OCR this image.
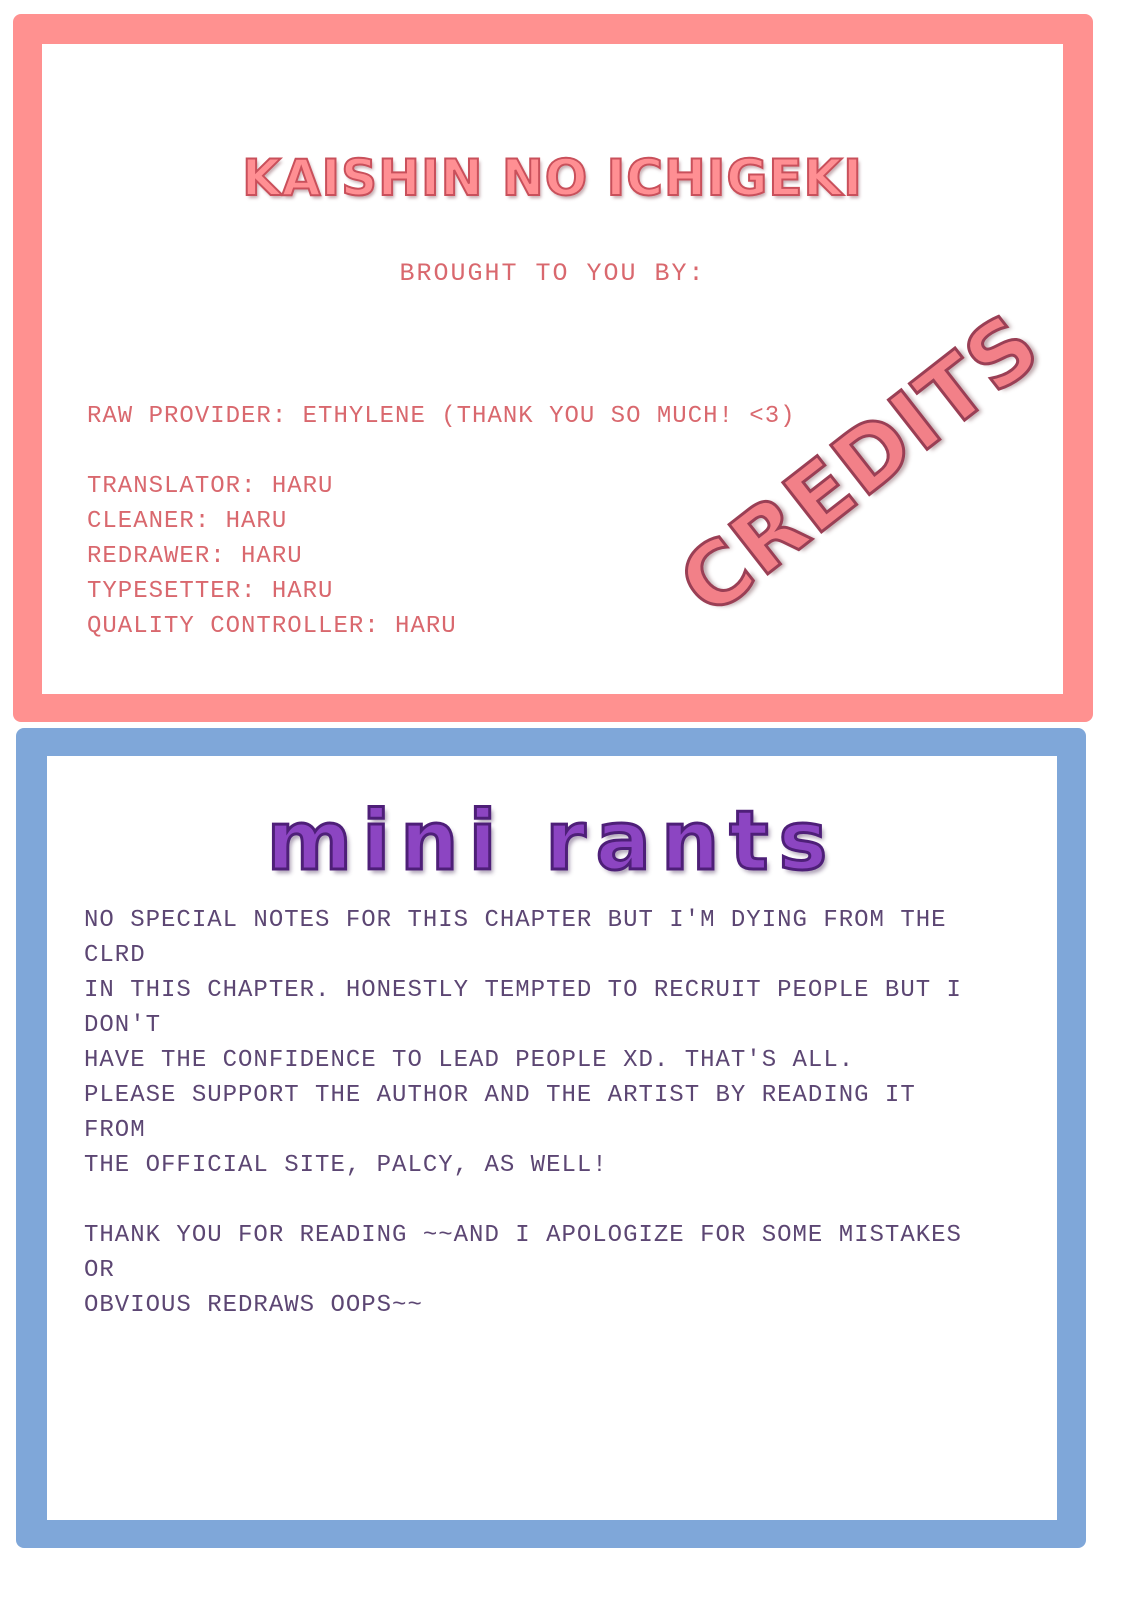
KAISHIN NO ICHIGEKI
BROUGHT TO YOU BY:
RAW PROVIDER: ETHYLENE (THANK YOU SO MUCH! <3)
TRANSLATOR: HARU
CLEANER: HARU
REDRAWER: HARU
TYPESETTER: HARU
QUALITY CONTROLLER: HARU	CREDITS
mini rants

NO SPECIAL NOTES FOR THIS CHAPTER BUT I'M DYING FROM THE CLRD

IN THIS CHAPTER. HONESTLY TEMPTED TO RECRUIT PEOPLE BUT I DON'T

HAVE THE CONFIDENCE TO LEAD PEOPLE XD. THAT'S ALL.

PLEASE SUPPORT THE AUTHOR AND THE ARTIST BY READING IT FROM

THE OFFICIAL SITE, PALCY, AS WELL!

THANK YOU FOR READING ~~AND I APOLOGIZE FOR SOME MISTAKES OR

OBVIOUS REDRAWS OOPS~~
